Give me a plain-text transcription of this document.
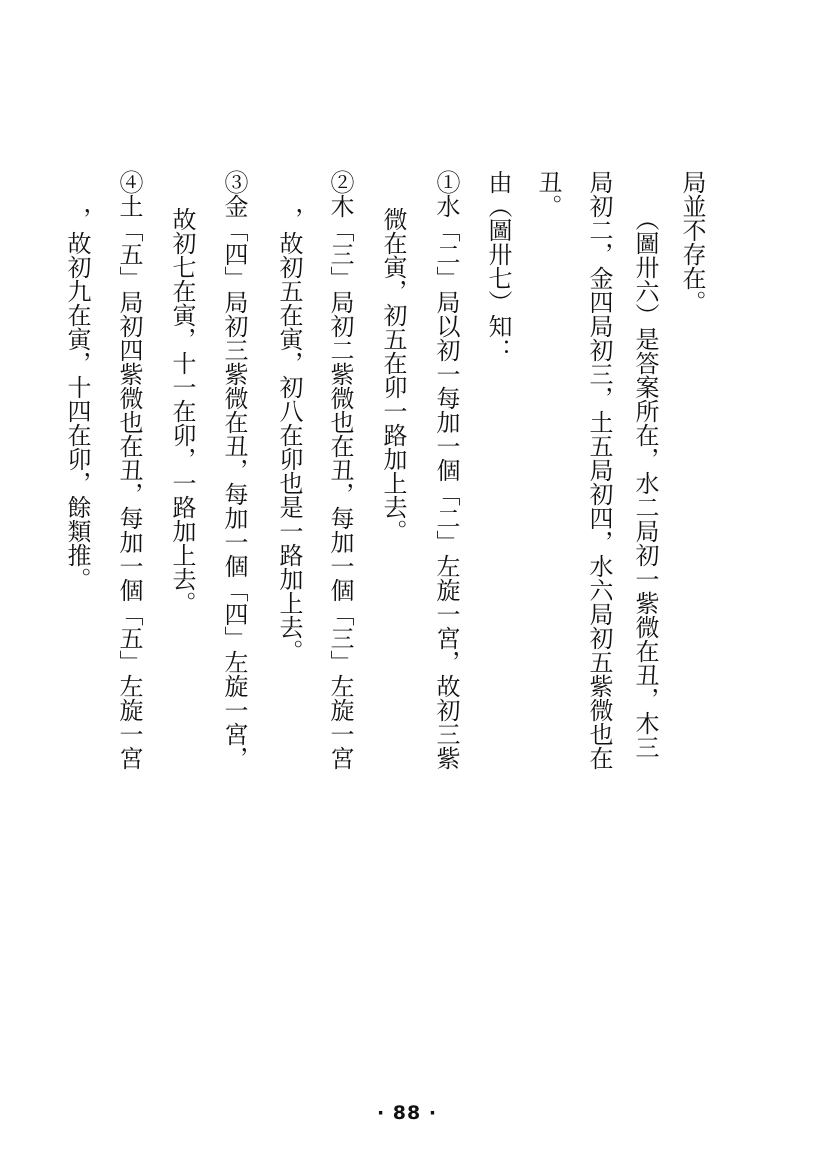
局並不存在。
（圖卅六）是答案所在，水二局初一紫微在丑，木三
局初二，金四局初三，土五局初四，水六局初五紫微也在
丑。
由（圖卅七）知：
①水「二」局以初一每加一個「二」左旋一宮，故初三紫
微在寅，初五在卯一路加上去。
②木「三」局初二紫微也在丑，每加一個「三」左旋一宮
，故初五在寅，初八在卯也是一路加上去。
③金「四」局初三紫微在丑，每加一個「四」左旋一宮，
故初七在寅，十一在卯，一路加上去。
④土「五」局初四紫微也在丑，每加一個「五」左旋一宮
，故初九在寅，十四在卯，餘類推。
· 88 ·
